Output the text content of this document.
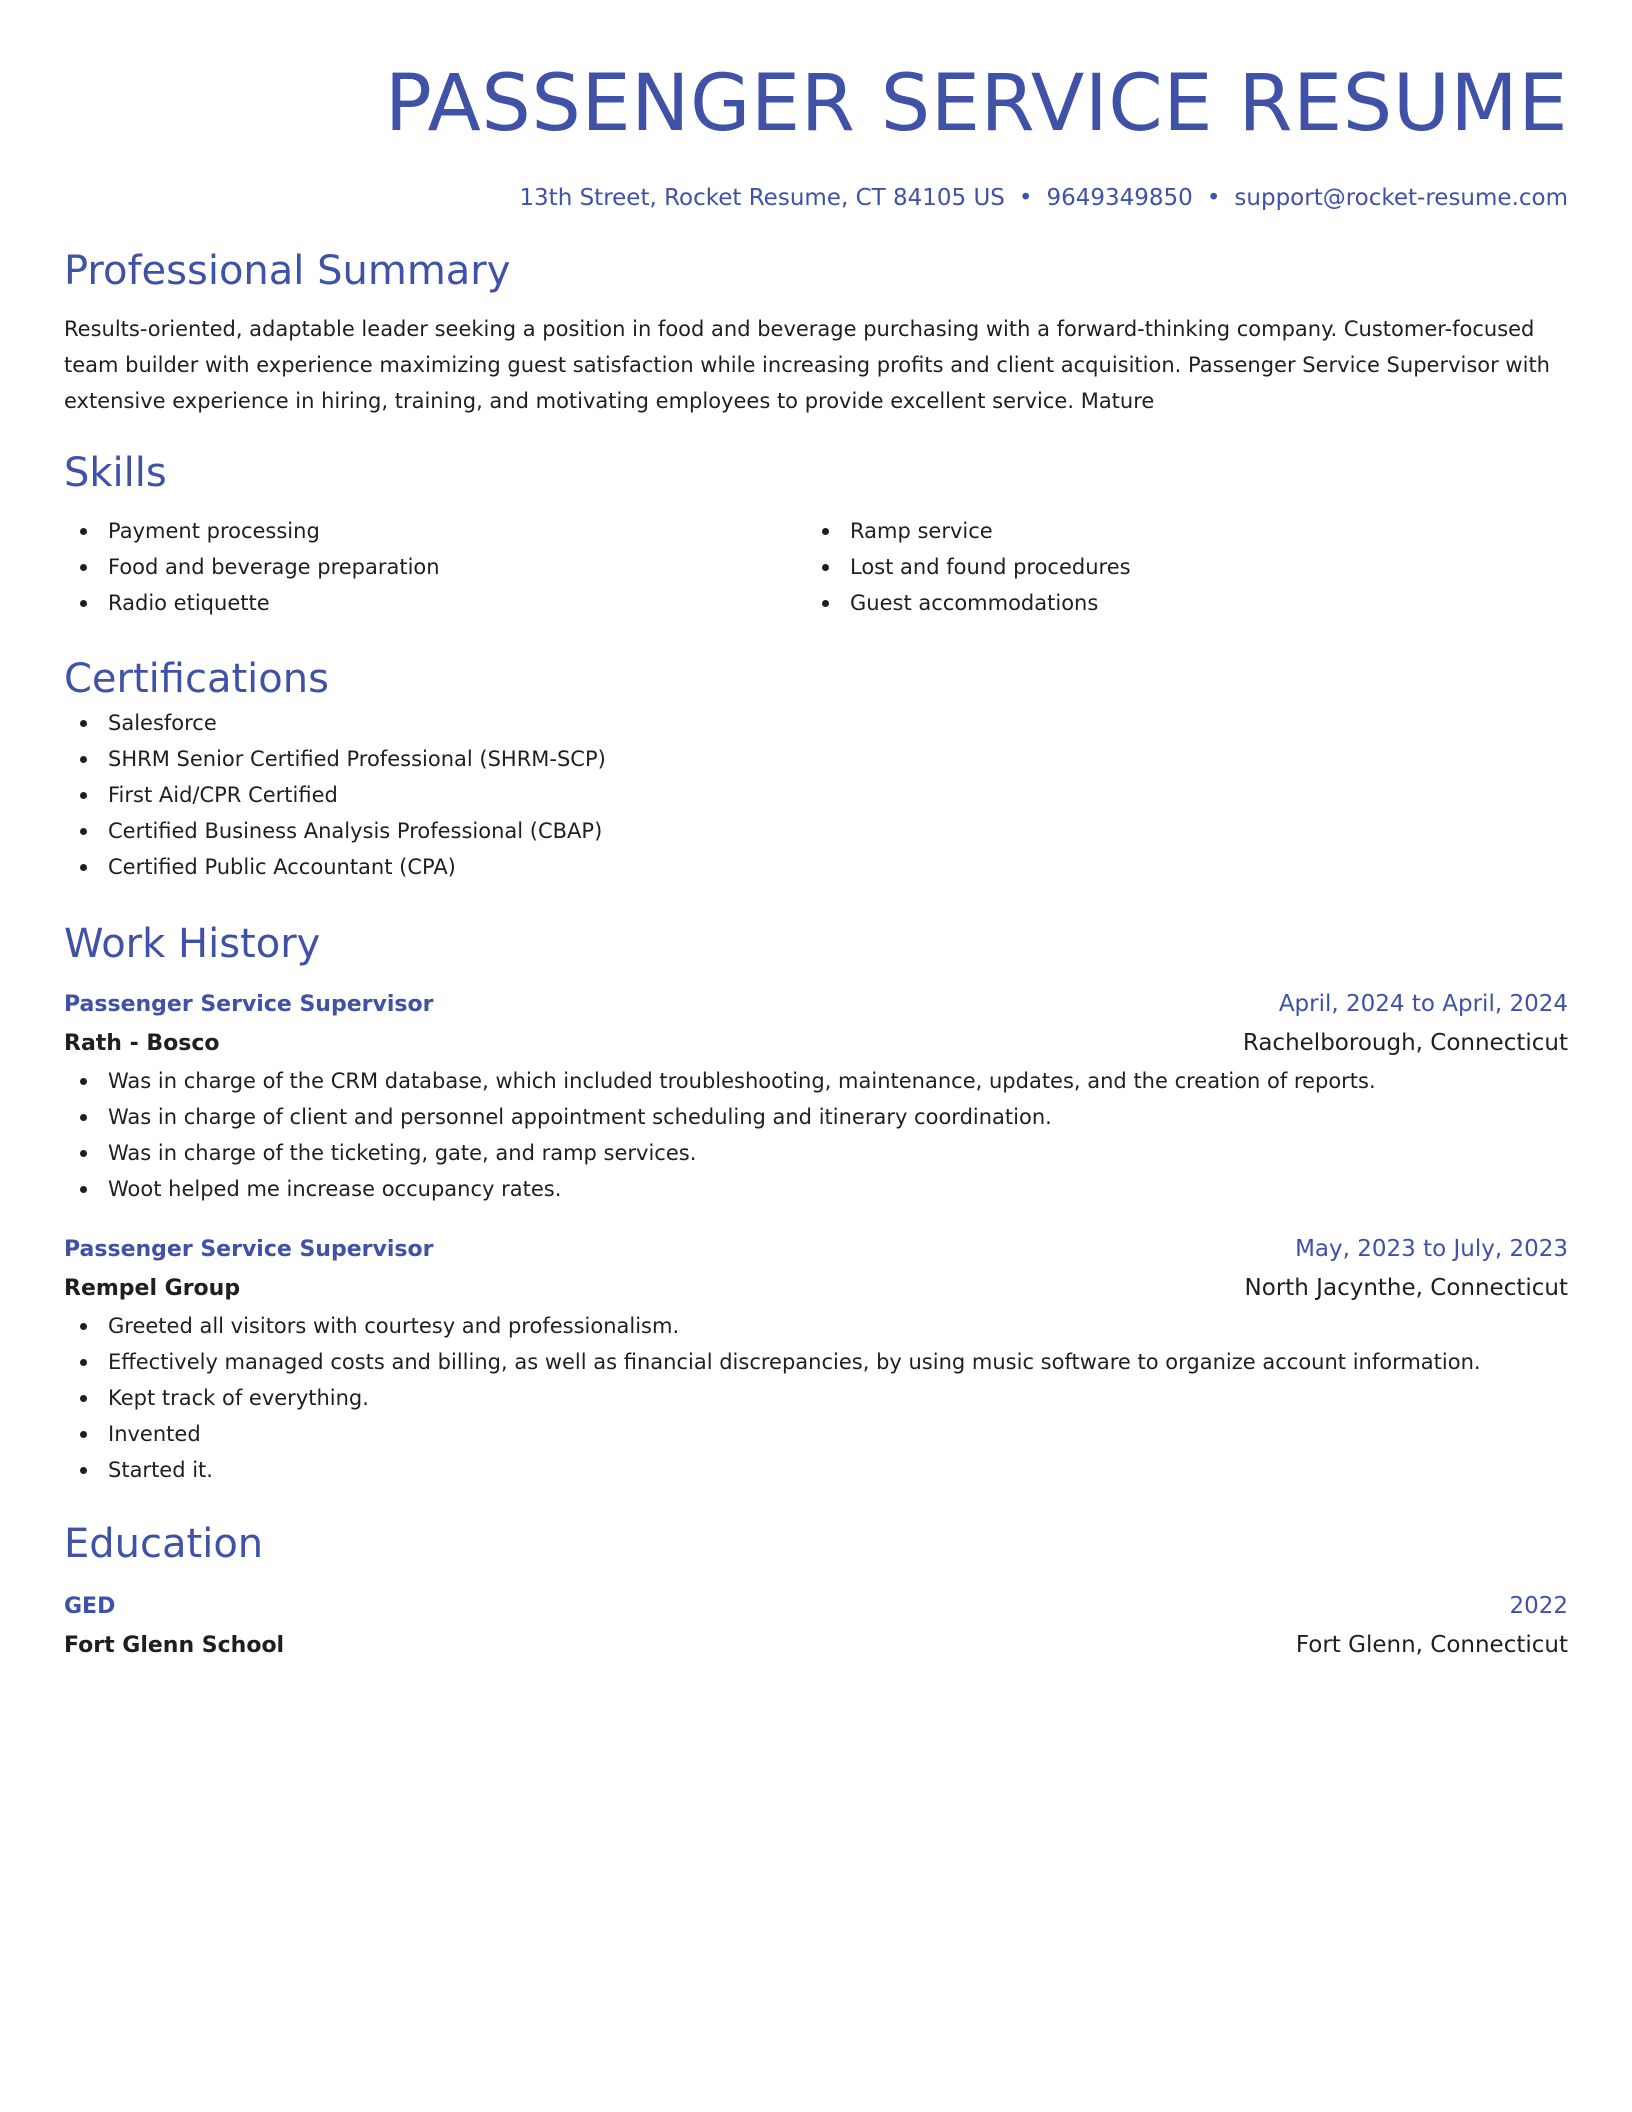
PASSENGER SERVICE RESUME
13th Street, Rocket Resume, CT 84105 US • 9649349850 • support@rocket-resume.com
Professional Summary
Results-oriented, adaptable leader seeking a position in food and beverage purchasing with a forward-thinking company. Customer-focused team builder with experience maximizing guest satisfaction while increasing profits and client acquisition. Passenger Service Supervisor with extensive experience in hiring, training, and motivating employees to provide excellent service. Mature
Skills
Payment processing
Food and beverage preparation
Radio etiquette
Ramp service
Lost and found procedures
Guest accommodations
Certifications
Salesforce
SHRM Senior Certified Professional (SHRM-SCP)
First Aid/CPR Certified
Certified Business Analysis Professional (CBAP)
Certified Public Accountant (CPA)
Work History
Passenger Service Supervisor	April, 2024 to April, 2024
Rath - Bosco	Rachelborough, Connecticut
Was in charge of the CRM database, which included troubleshooting, maintenance, updates, and the creation of reports.
Was in charge of client and personnel appointment scheduling and itinerary coordination.
Was in charge of the ticketing, gate, and ramp services.
Woot helped me increase occupancy rates.
Passenger Service Supervisor	May, 2023 to July, 2023
Rempel Group	North Jacynthe, Connecticut
Greeted all visitors with courtesy and professionalism.
Effectively managed costs and billing, as well as financial discrepancies, by using music software to organize account information.
Kept track of everything.
Invented
Started it.
Education
GED	2022
Fort Glenn School	Fort Glenn, Connecticut
